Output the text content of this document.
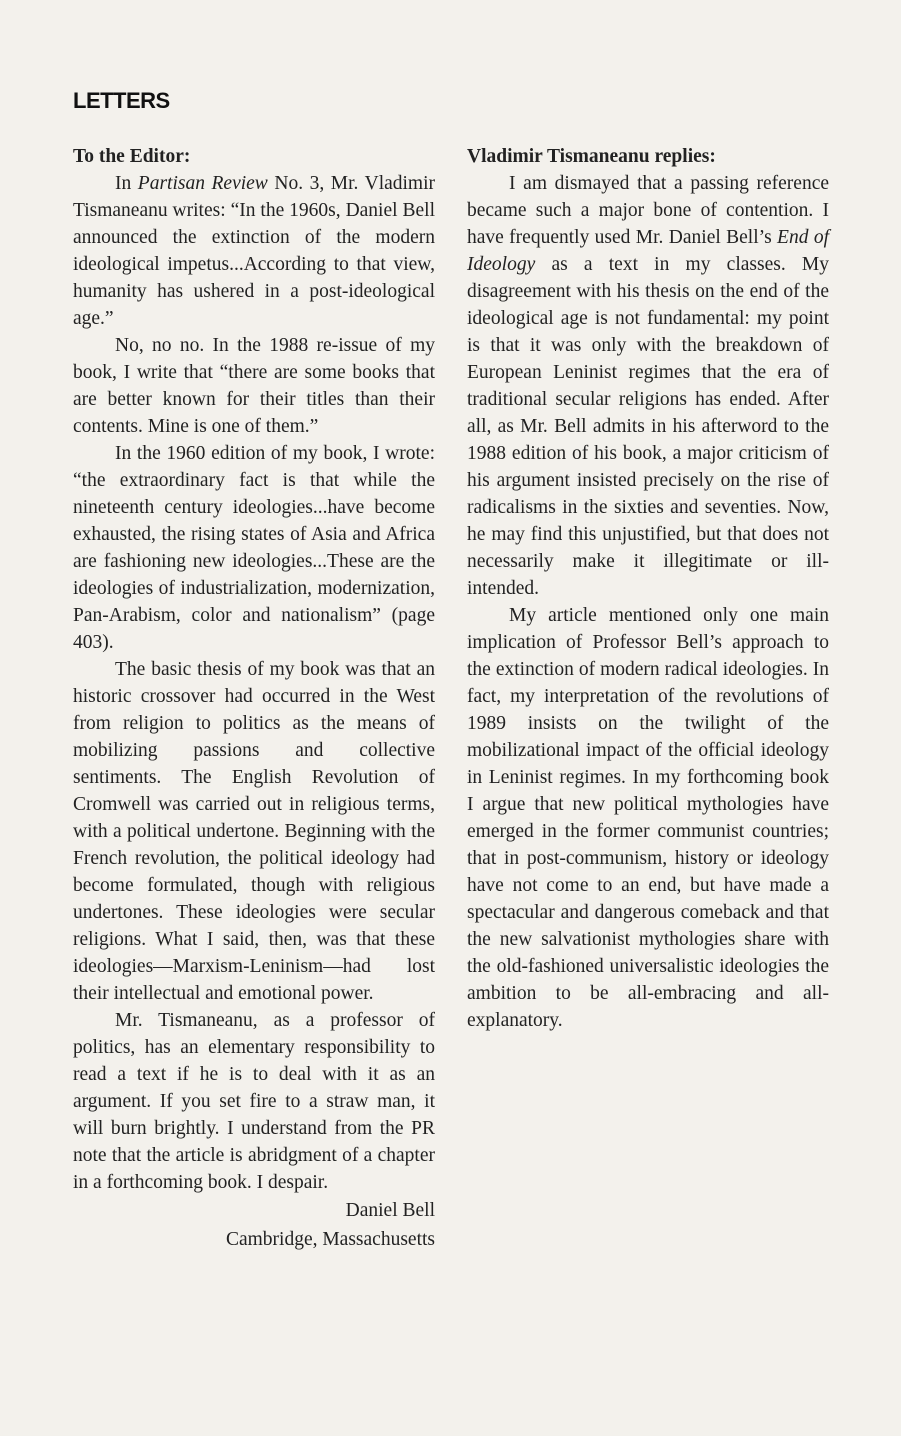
LETTERS
To the Editor:

In Partisan Review No. 3, Mr. Vladimir Tismaneanu writes: “In the 1960s, Daniel Bell announced the extinction of the modern ideological impetus...According to that view, humanity has ushered in a post-ideological age.”

No, no no. In the 1988 re-issue of my book, I write that “there are some books that are better known for their titles than their contents. Mine is one of them.”

In the 1960 edition of my book, I wrote: “the extraordinary fact is that while the nineteenth century ideologies...have become exhausted, the rising states of Asia and Africa are fashioning new ideologies...These are the ideologies of industrialization, modernization, Pan-Arabism, color and nationalism” (page 403).

The basic thesis of my book was that an historic crossover had occurred in the West from religion to politics as the means of mobilizing passions and collective sentiments. The English Revolution of Cromwell was carried out in religious terms, with a political undertone. Beginning with the French revolution, the political ideology had become formulated, though with religious undertones. These ideologies were secular religions. What I said, then, was that these ideologies—Marxism-Leninism—had lost their intellectual and emotional power.

Mr. Tismaneanu, as a professor of politics, has an elementary responsibility to read a text if he is to deal with it as an argument. If you set fire to a straw man, it will burn brightly. I understand from the PR note that the article is abridgment of a chapter in a forthcoming book. I despair.

Daniel Bell
Cambridge, Massachusetts
Vladimir Tismaneanu replies:

I am dismayed that a passing reference became such a major bone of contention. I have frequently used Mr. Daniel Bell’s End of Ideology as a text in my classes. My disagreement with his thesis on the end of the ideological age is not fundamental: my point is that it was only with the breakdown of European Leninist regimes that the era of traditional secular religions has ended. After all, as Mr. Bell admits in his afterword to the 1988 edition of his book, a major criticism of his argument insisted precisely on the rise of radicalisms in the sixties and seventies. Now, he may find this unjustified, but that does not necessarily make it illegitimate or ill-intended.

My article mentioned only one main implication of Professor Bell’s approach to the extinction of modern radical ideologies. In fact, my interpretation of the revolutions of 1989 insists on the twilight of the mobilizational impact of the official ideology in Leninist regimes. In my forthcoming book I argue that new political mythologies have emerged in the former communist countries; that in post-communism, history or ideology have not come to an end, but have made a spectacular and dangerous comeback and that the new salvationist mythologies share with the old-fashioned universalistic ideologies the ambition to be all-embracing and all-explanatory.
